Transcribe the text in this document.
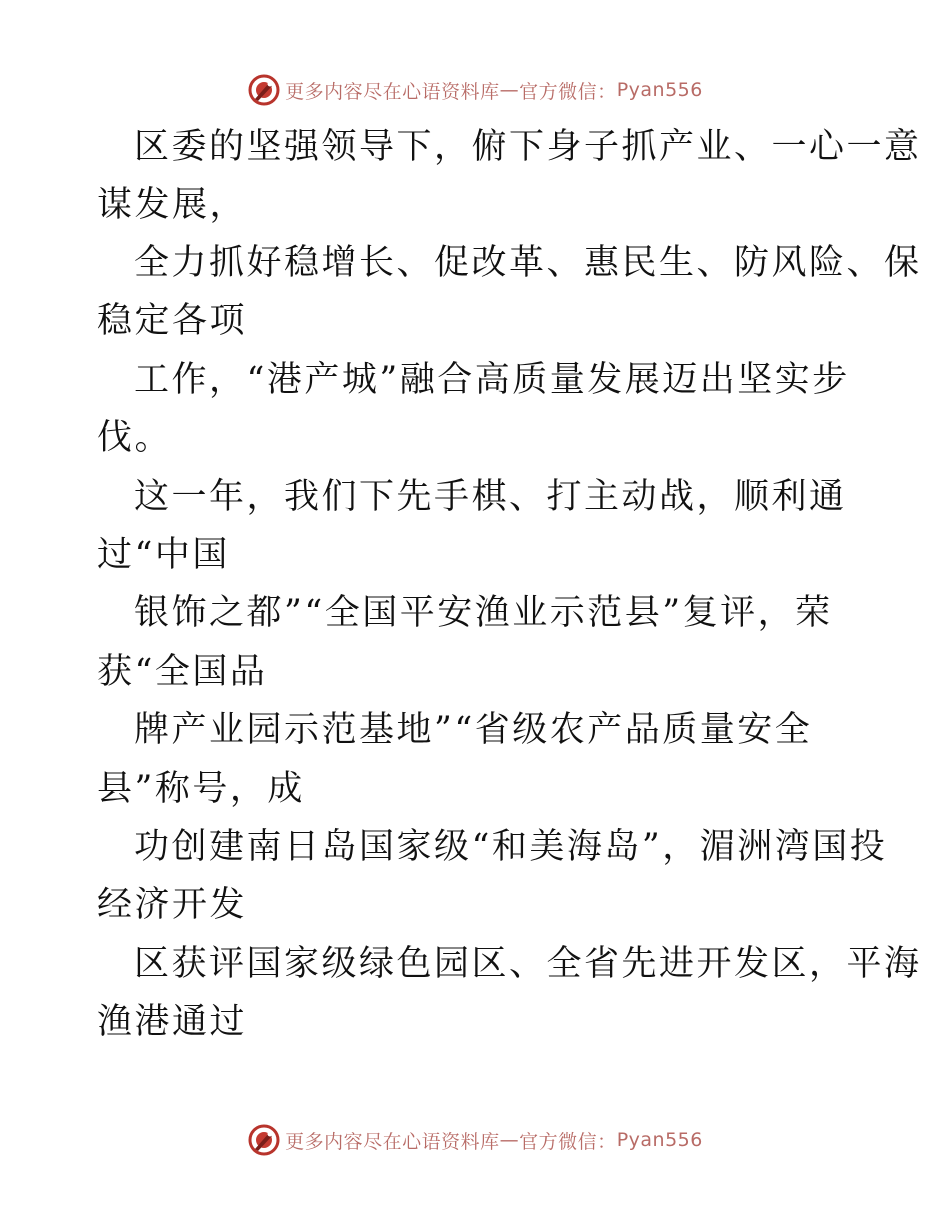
更多内容尽在心语资料库 — 官方微信： Pyan556
区委的坚强领导下，俯下身子抓产业、一心一意
谋发展，
全力抓好稳增长、促改革、惠民生、防风险、保
稳定各项
工作，“港产城”融合高质量发展迈出坚实步
伐。
这一年，我们下先手棋、打主动战，顺利通
过“中国
银饰之都”“全国平安渔业示范县”复评，荣
获“全国品
牌产业园示范基地”“省级农产品质量安全
县”称号，成
功创建南日岛国家级“和美海岛”，湄洲湾国投
经济开发
区获评国家级绿色园区、全省先进开发区，平海
渔港通过
更多内容尽在心语资料库 — 官方微信： Pyan556
